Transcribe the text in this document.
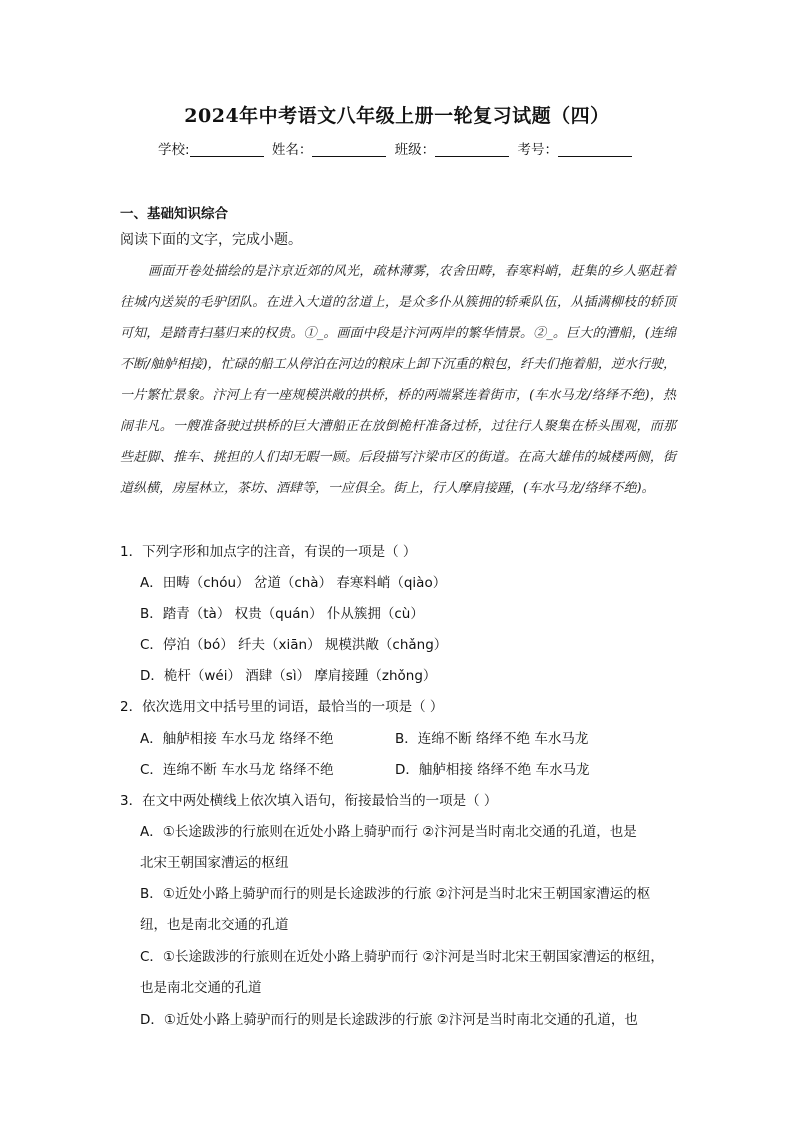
2024年中考语文八年级上册一轮复习试题（四）
学校:	姓名：	班级：	考号：
一、基础知识综合
阅读下面的文字，完成小题。
画面开卷处描绘的是汴京近郊的风光，疏林薄雾，农舍田畴，春寒料峭，赶集的乡人驱赶着往城内送炭的毛驴团队。在进入大道的岔道上，是众多仆从簇拥的轿乘队伍，从插满柳枝的轿顶可知，是踏青扫墓归来的权贵。①_。画面中段是汴河两岸的繁华情景。②_。巨大的漕船，(连绵不断/舳舻相接)，忙碌的船工从停泊在河边的粮床上卸下沉重的粮包，纤夫们拖着船，逆水行驶，一片繁忙景象。汴河上有一座规模洪敞的拱桥，桥的两端紧连着街市，(车水马龙/络绎不绝)，热闹非凡。一艘准备驶过拱桥的巨大漕船正在放倒桅杆准备过桥，过往行人聚集在桥头围观，而那些赶脚、推车、挑担的人们却无暇一顾。后段描写汴梁市区的街道。在高大雄伟的城楼两侧，街道纵横，房屋林立，茶坊、酒肆等，一应俱全。街上，行人摩肩接踵，(车水马龙/络绎不绝)。
1．下列字形和加点字的注音，有误的一项是（ ）
A．田畴（chóu） 岔道（chà） 春寒料峭（qiào）
B．踏青（tà） 权贵（quán） 仆从簇拥（cù）
C．停泊（bó） 纤夫（xiān） 规模洪敞（chǎng）
D．桅杆（wéi） 酒肆（sì） 摩肩接踵（zhǒng）
2．依次选用文中括号里的词语，最恰当的一项是（ ）
A．舳舻相接 车水马龙 络绎不绝	B．连绵不断 络绎不绝 车水马龙
C．连绵不断 车水马龙 络绎不绝	D．舳舻相接 络绎不绝 车水马龙
3．在文中两处横线上依次填入语句，衔接最恰当的一项是（ ）
A．①长途跋涉的行旅则在近处小路上骑驴而行 ②汴河是当时南北交通的孔道，也是
北宋王朝国家漕运的枢纽
B．①近处小路上骑驴而行的则是长途跋涉的行旅 ②汴河是当时北宋王朝国家漕运的枢
纽，也是南北交通的孔道
C．①长途跋涉的行旅则在近处小路上骑驴而行 ②汴河是当时北宋王朝国家漕运的枢纽，
也是南北交通的孔道
D．①近处小路上骑驴而行的则是长途跋涉的行旅 ②汴河是当时南北交通的孔道，也
